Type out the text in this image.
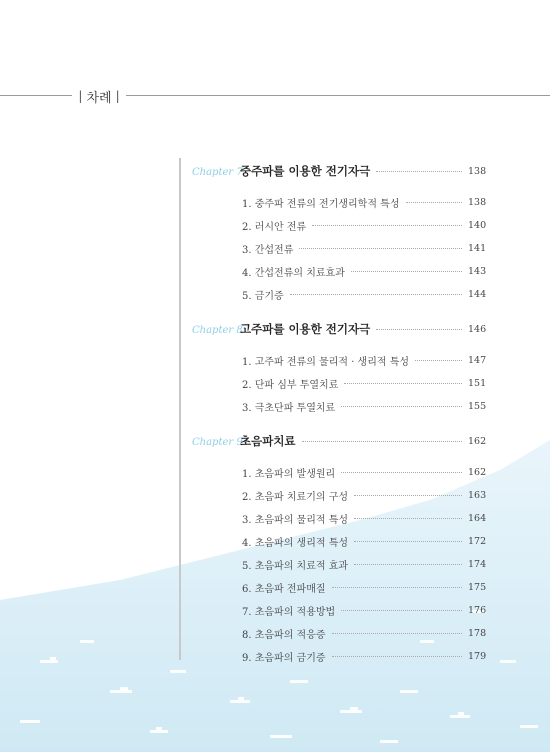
| 차례 |
Chapter 7
중주파를 이용한 전기자극	138
1. 중주파 전류의 전기생리학적 특성	138
2. 러시안 전류	140
3. 간섭전류	141
4. 간섭전류의 치료효과	143
5. 금기증	144
Chapter 8
고주파를 이용한 전기자극	146
1. 고주파 전류의 물리적 · 생리적 특성	147
2. 단파 심부 투열치료	151
3. 극초단파 투열치료	155
Chapter 9
초음파치료	162
1. 초음파의 발생원리	162
2. 초음파 치료기의 구성	163
3. 초음파의 물리적 특성	164
4. 초음파의 생리적 특성	172
5. 초음파의 치료적 효과	174
6. 초음파 전파매질	175
7. 초음파의 적용방법	176
8. 초음파의 적응증	178
9. 초음파의 금기증	179
